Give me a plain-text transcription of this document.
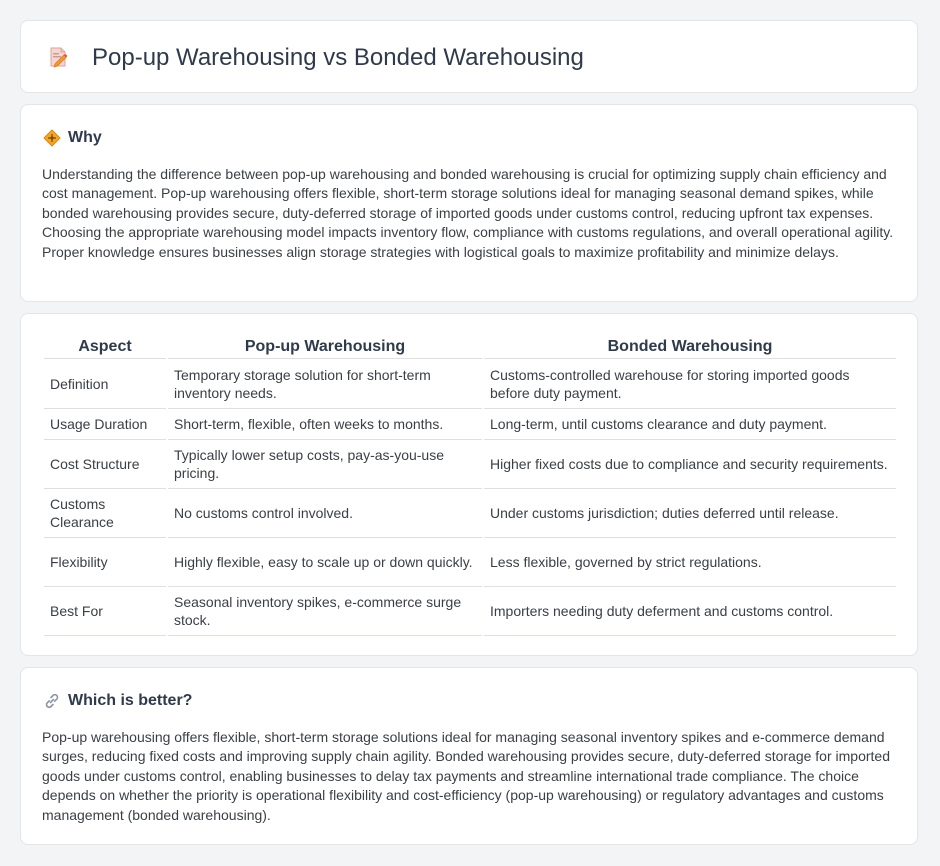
Pop-up Warehousing vs Bonded Warehousing
Why

Understanding the difference between pop-up warehousing and bonded warehousing is crucial for optimizing supply chain efficiency and cost management. Pop-up warehousing offers flexible, short-term storage solutions ideal for managing seasonal demand spikes, while bonded warehousing provides secure, duty-deferred storage of imported goods under customs control, reducing upfront tax expenses. Choosing the appropriate warehousing model impacts inventory flow, compliance with customs regulations, and overall operational agility. Proper knowledge ensures businesses align storage strategies with logistical goals to maximize profitability and minimize delays.

Aspect	Pop-up Warehousing	Bonded Warehousing
Definition	Temporary storage solution for short-term inventory needs.	Customs-controlled warehouse for storing imported goods before duty payment.
Usage Duration	Short-term, flexible, often weeks to months.	Long-term, until customs clearance and duty payment.
Cost Structure	Typically lower setup costs, pay-as-you-use pricing.	Higher fixed costs due to compliance and security requirements.
Customs Clearance	No customs control involved.	Under customs jurisdiction; duties deferred until release.
Flexibility	Highly flexible, easy to scale up or down quickly.	Less flexible, governed by strict regulations.
Best For	Seasonal inventory spikes, e-commerce surge stock.	Importers needing duty deferment and customs control.
Which is better?

Pop-up warehousing offers flexible, short-term storage solutions ideal for managing seasonal inventory spikes and e-commerce demand surges, reducing fixed costs and improving supply chain agility. Bonded warehousing provides secure, duty-deferred storage for imported goods under customs control, enabling businesses to delay tax payments and streamline international trade compliance. The choice depends on whether the priority is operational flexibility and cost-efficiency (pop-up warehousing) or regulatory advantages and customs management (bonded warehousing).
